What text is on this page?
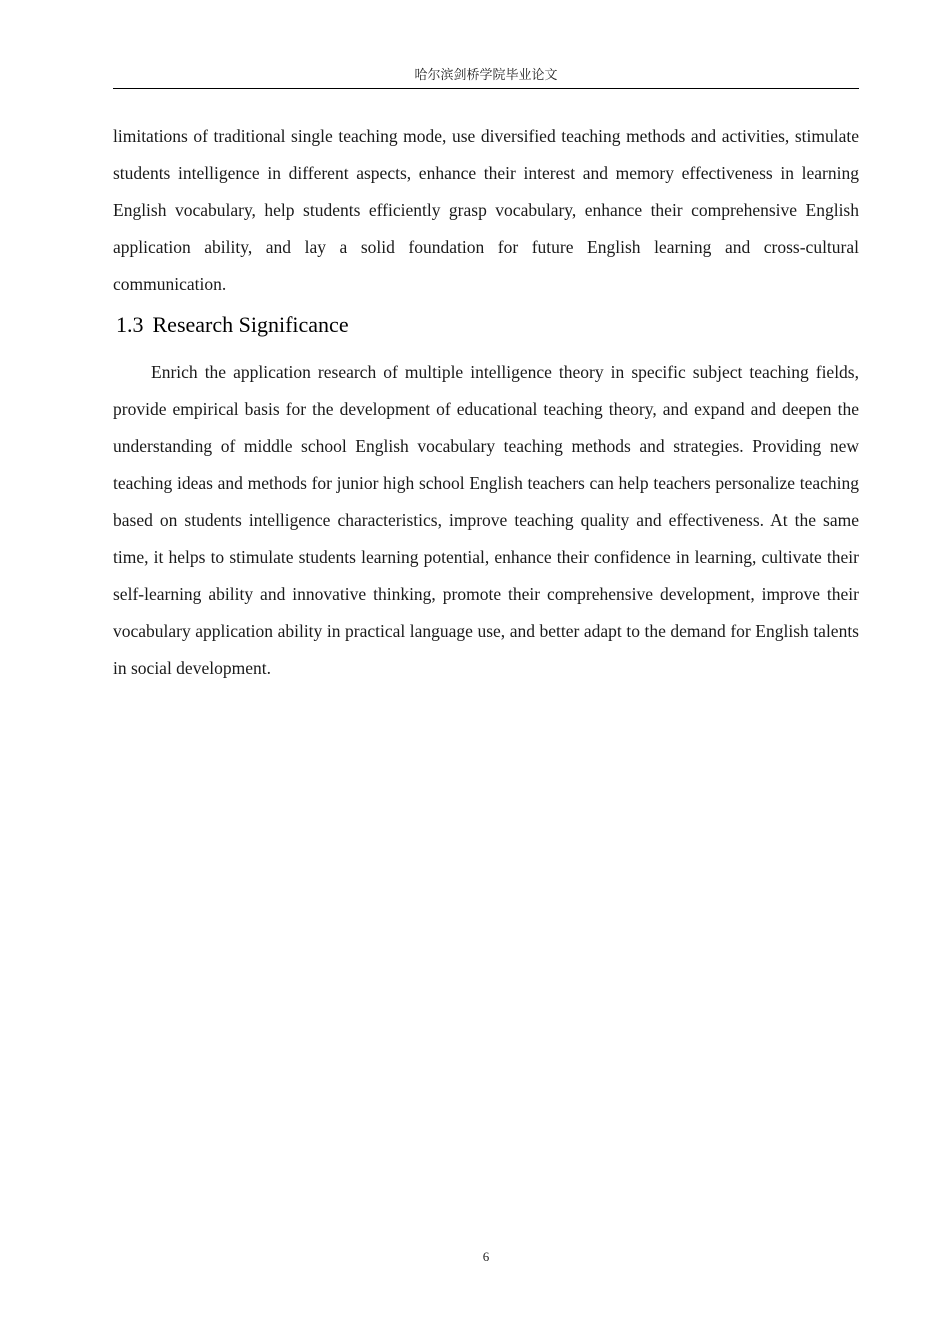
哈尔滨剑桥学院毕业论文

limitations of traditional single teaching mode, use diversified teaching methods and activities, stimulate students intelligence in different aspects, enhance their interest and memory effectiveness in learning English vocabulary, help students efficiently grasp vocabulary, enhance their comprehensive English application ability, and lay a solid foundation for future English learning and cross-cultural communication.

1.3 Research Significance

Enrich the application research of multiple intelligence theory in specific subject teaching fields, provide empirical basis for the development of educational teaching theory, and expand and deepen the understanding of middle school English vocabulary teaching methods and strategies. Providing new teaching ideas and methods for junior high school English teachers can help teachers personalize teaching based on students intelligence characteristics, improve teaching quality and effectiveness. At the same time, it helps to stimulate students learning potential, enhance their confidence in learning, cultivate their self-learning ability and innovative thinking, promote their comprehensive development, improve their vocabulary application ability in practical language use, and better adapt to the demand for English talents in social development.

6
